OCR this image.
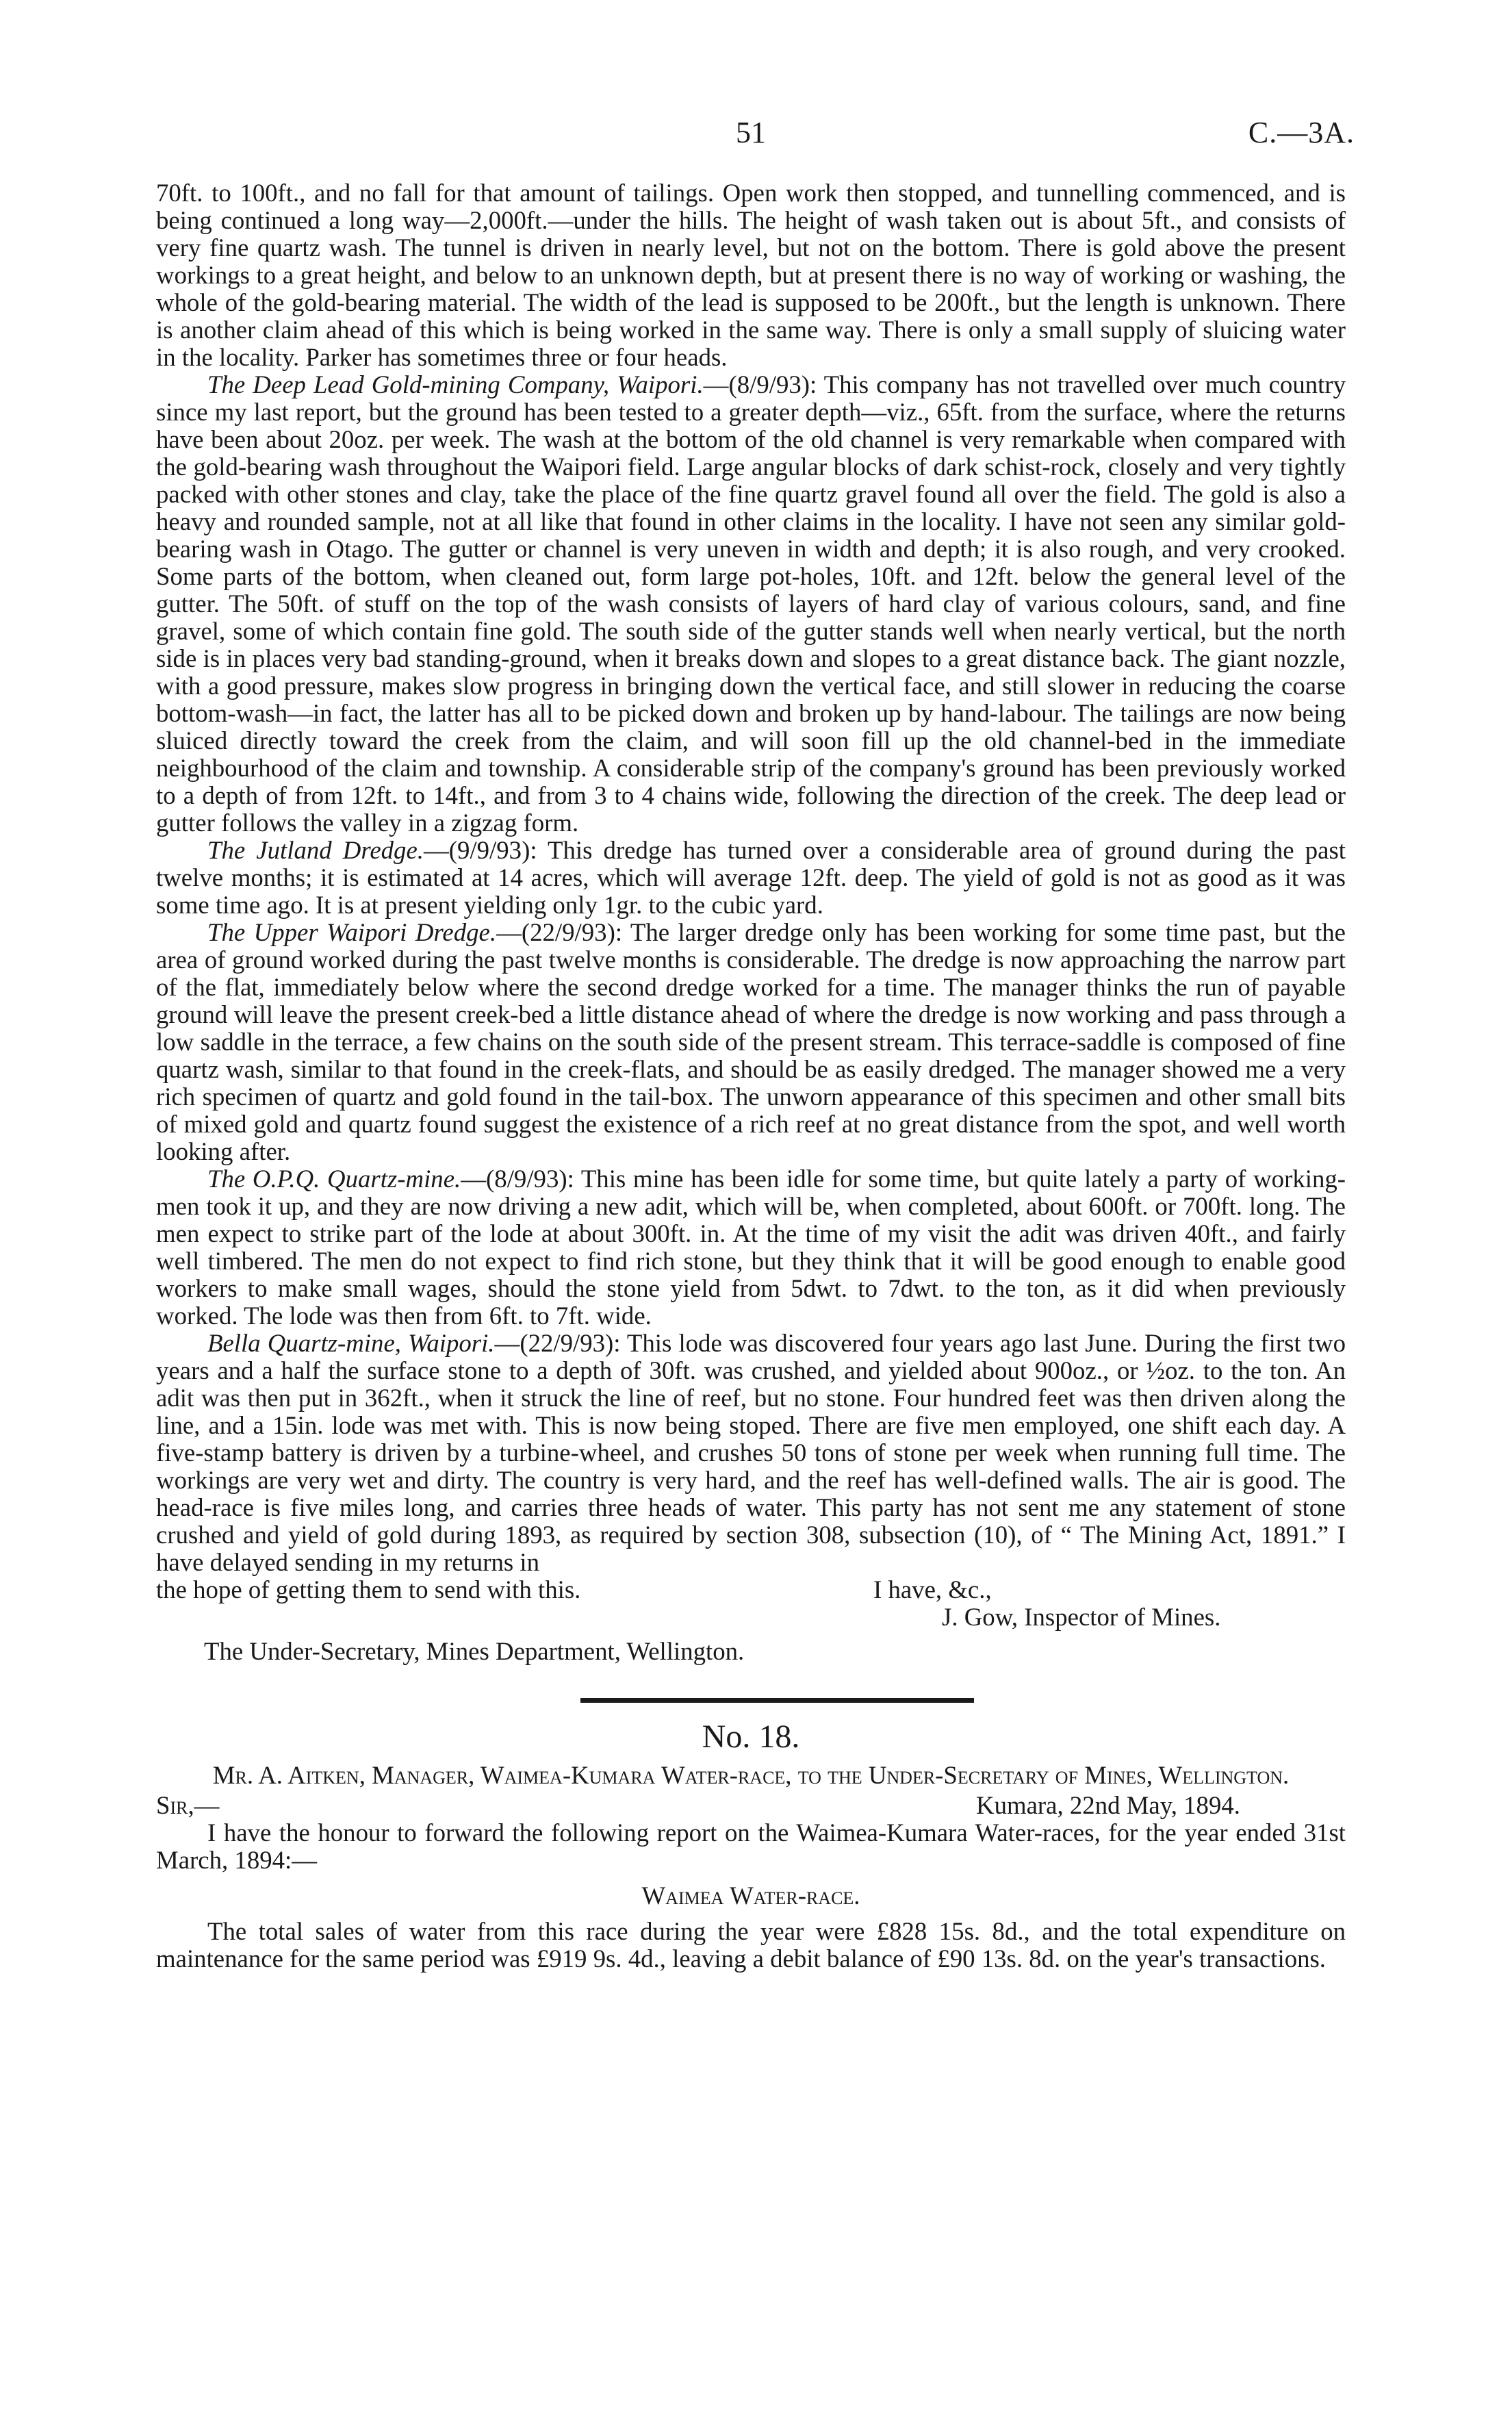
51	C.—3A.

70ft. to 100ft., and no fall for that amount of tailings. Open work then stopped, and tunnelling commenced, and is being continued a long way—2,000ft.—under the hills. The height of wash taken out is about 5ft., and consists of very fine quartz wash. The tunnel is driven in nearly level, but not on the bottom. There is gold above the present workings to a great height, and below to an unknown depth, but at present there is no way of working or washing, the whole of the gold-bearing material. The width of the lead is supposed to be 200ft., but the length is unknown. There is another claim ahead of this which is being worked in the same way. There is only a small supply of sluicing water in the locality. Parker has sometimes three or four heads.

The Deep Lead Gold-mining Company, Waipori.—(8/9/93): This company has not travelled over much country since my last report, but the ground has been tested to a greater depth—viz., 65ft. from the surface, where the returns have been about 20oz. per week. The wash at the bottom of the old channel is very remarkable when compared with the gold-bearing wash throughout the Waipori field. Large angular blocks of dark schist-rock, closely and very tightly packed with other stones and clay, take the place of the fine quartz gravel found all over the field. The gold is also a heavy and rounded sample, not at all like that found in other claims in the locality. I have not seen any similar gold-bearing wash in Otago. The gutter or channel is very uneven in width and depth; it is also rough, and very crooked. Some parts of the bottom, when cleaned out, form large pot-holes, 10ft. and 12ft. below the general level of the gutter. The 50ft. of stuff on the top of the wash consists of layers of hard clay of various colours, sand, and fine gravel, some of which contain fine gold. The south side of the gutter stands well when nearly vertical, but the north side is in places very bad standing-ground, when it breaks down and slopes to a great distance back. The giant nozzle, with a good pressure, makes slow progress in bringing down the vertical face, and still slower in reducing the coarse bottom-wash—in fact, the latter has all to be picked down and broken up by hand-labour. The tailings are now being sluiced directly toward the creek from the claim, and will soon fill up the old channel-bed in the immediate neighbourhood of the claim and township. A considerable strip of the company's ground has been previously worked to a depth of from 12ft. to 14ft., and from 3 to 4 chains wide, following the direction of the creek. The deep lead or gutter follows the valley in a zigzag form.

The Jutland Dredge.—(9/9/93): This dredge has turned over a considerable area of ground during the past twelve months; it is estimated at 14 acres, which will average 12ft. deep. The yield of gold is not as good as it was some time ago. It is at present yielding only 1gr. to the cubic yard.

The Upper Waipori Dredge.—(22/9/93): The larger dredge only has been working for some time past, but the area of ground worked during the past twelve months is considerable. The dredge is now approaching the narrow part of the flat, immediately below where the second dredge worked for a time. The manager thinks the run of payable ground will leave the present creek-bed a little distance ahead of where the dredge is now working and pass through a low saddle in the terrace, a few chains on the south side of the present stream. This terrace-saddle is composed of fine quartz wash, similar to that found in the creek-flats, and should be as easily dredged. The manager showed me a very rich specimen of quartz and gold found in the tail-box. The unworn appearance of this specimen and other small bits of mixed gold and quartz found suggest the existence of a rich reef at no great distance from the spot, and well worth looking after.

The O.P.Q. Quartz-mine.—(8/9/93): This mine has been idle for some time, but quite lately a party of working-men took it up, and they are now driving a new adit, which will be, when completed, about 600ft. or 700ft. long. The men expect to strike part of the lode at about 300ft. in. At the time of my visit the adit was driven 40ft., and fairly well timbered. The men do not expect to find rich stone, but they think that it will be good enough to enable good workers to make small wages, should the stone yield from 5dwt. to 7dwt. to the ton, as it did when previously worked. The lode was then from 6ft. to 7ft. wide.

Bella Quartz-mine, Waipori.—(22/9/93): This lode was discovered four years ago last June. During the first two years and a half the surface stone to a depth of 30ft. was crushed, and yielded about 900oz., or ½oz. to the ton. An adit was then put in 362ft., when it struck the line of reef, but no stone. Four hundred feet was then driven along the line, and a 15in. lode was met with. This is now being stoped. There are five men employed, one shift each day. A five-stamp battery is driven by a turbine-wheel, and crushes 50 tons of stone per week when running full time. The workings are very wet and dirty. The country is very hard, and the reef has well-defined walls. The air is good. The head-race is five miles long, and carries three heads of water. This party has not sent me any statement of stone crushed and yield of gold during 1893, as required by section 308, subsection (10), of “ The Mining Act, 1891.” I have delayed sending in my returns in

the hope of getting them to send with this.	I have, &c.,
J. Gow, Inspector of Mines.
The Under-Secretary, Mines Department, Wellington.
No. 18.
Mr. A. Aitken, Manager, Waimea-Kumara Water-race, to the Under-Secretary of Mines, Wellington.
Sir,—	Kumara, 22nd May, 1894.

I have the honour to forward the following report on the Waimea-Kumara Water-races, for the year ended 31st March, 1894:—

Waimea Water-race.

The total sales of water from this race during the year were £828 15s. 8d., and the total expenditure on maintenance for the same period was £919 9s. 4d., leaving a debit balance of £90 13s. 8d. on the year's transactions.
